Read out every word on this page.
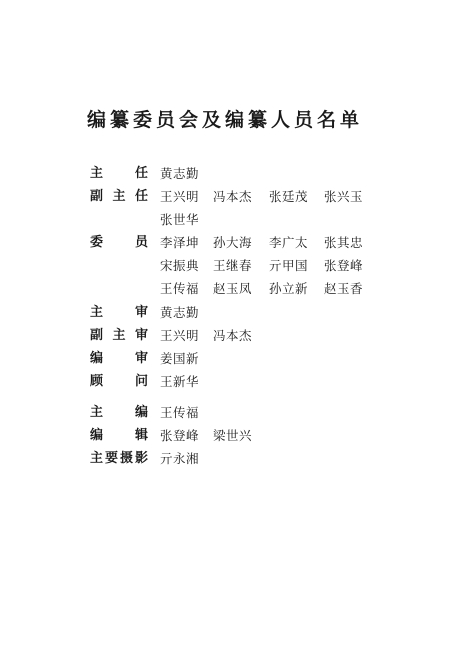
编纂委员会及编纂人员名单
主 任 黄志勤
副 主 任 王兴明 冯本杰 张廷茂 张兴玉
张世华
委 员 李泽坤 孙大海 李广太 张其忠
宋振典 王继春 亓甲国 张登峰
王传福 赵玉凤 孙立新 赵玉香
主 审 黄志勤
副 主 审 王兴明 冯本杰
编 审 姜国新
顾 问 王新华
主 编 王传福
编 辑 张登峰 梁世兴
主 要 摄 影 亓永湘
